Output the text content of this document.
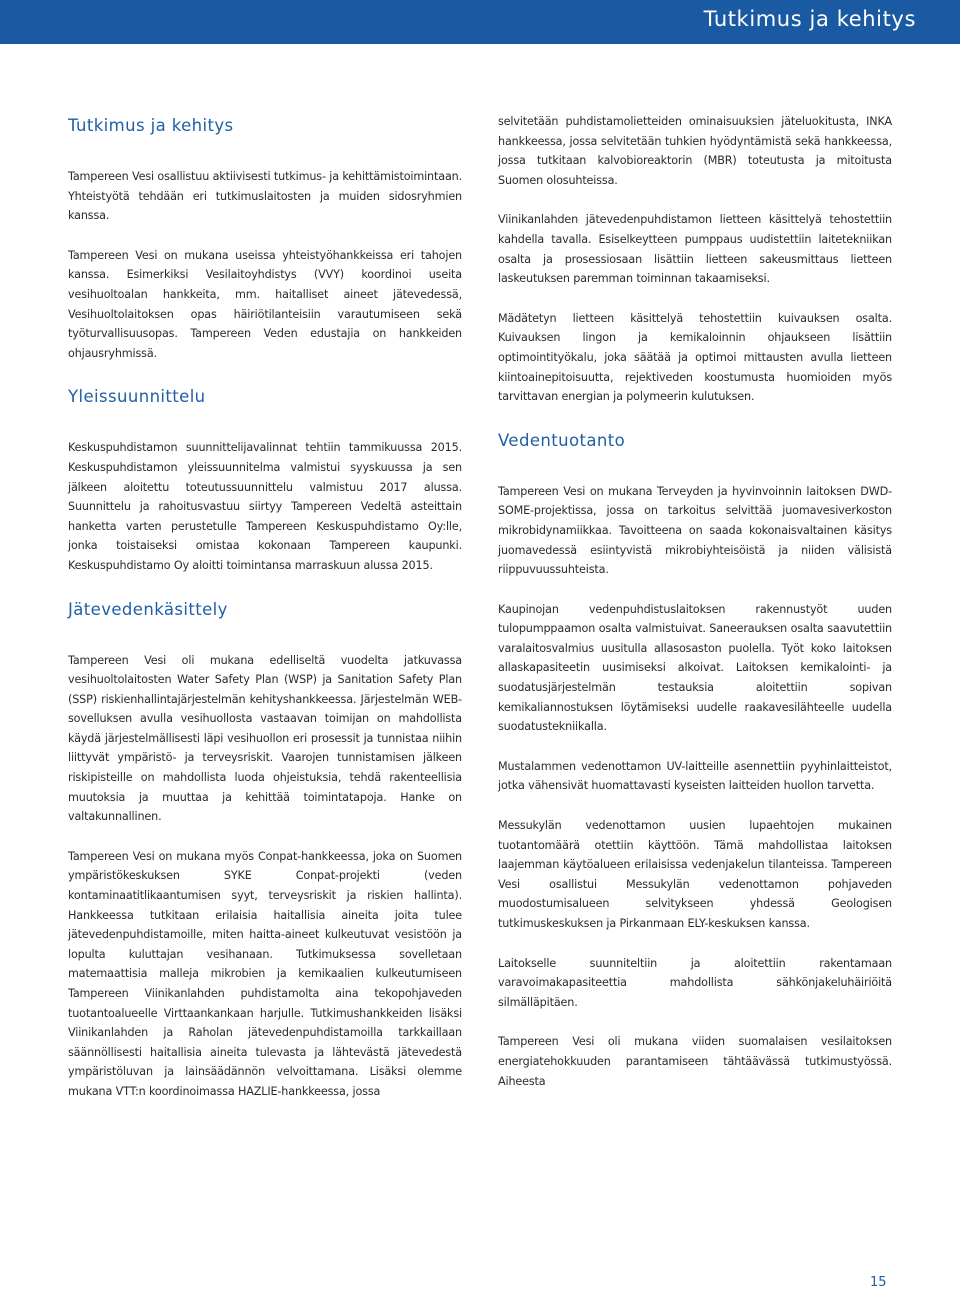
Tutkimus ja kehitys
Tutkimus ja kehitys

Tampereen Vesi osallistuu aktiivisesti tutkimus- ja kehittämistoimintaan. Yhteistyötä tehdään eri tutkimuslaitosten ja muiden sidosryhmien kanssa.

Tampereen Vesi on mukana useissa yhteistyöhankkeissa eri tahojen kanssa. Esimerkiksi Vesilaitoyhdistys (VVY) koordinoi useita vesihuoltoalan hankkeita, mm. haitalliset aineet jätevedessä, Vesihuoltolaitoksen opas häiriötilanteisiin varautumiseen sekä työturvallisuusopas. Tampereen Veden edustajia on hankkeiden ohjausryhmissä.

Yleissuunnittelu

Keskuspuhdistamon suunnittelijavalinnat tehtiin tammikuussa 2015. Keskuspuhdistamon yleissuunnitelma valmistui syyskuussa ja sen jälkeen aloitettu toteutussuunnittelu valmistuu 2017 alussa. Suunnittelu ja rahoitusvastuu siirtyy Tampereen Vedeltä asteittain hanketta varten perustetulle Tampereen Keskuspuhdistamo Oy:lle, jonka toistaiseksi omistaa kokonaan Tampereen kaupunki. Keskuspuhdistamo Oy aloitti toimintansa marraskuun alussa 2015.

Jätevedenkäsittely

Tampereen Vesi oli mukana edelliseltä vuodelta jatkuvassa vesihuoltolaitosten Water Safety Plan (WSP) ja Sanitation Safety Plan (SSP) riskienhallintajärjestelmän kehityshankkeessa. Järjestelmän WEB-sovelluksen avulla vesihuollosta vastaavan toimijan on mahdollista käydä järjestelmällisesti läpi vesihuollon eri prosessit ja tunnistaa niihin liittyvät ympäristö- ja terveysriskit. Vaarojen tunnistamisen jälkeen riskipisteille on mahdollista luoda ohjeistuksia, tehdä rakenteellisia muutoksia ja muuttaa ja kehittää toimintatapoja. Hanke on valtakunnallinen.

Tampereen Vesi on mukana myös Conpat-hankkeessa, joka on Suomen ympäristökeskuksen SYKE Conpat-projekti (veden kontaminaatitlikaantumisen syyt, terveysriskit ja riskien hallinta). Hankkeessa tutkitaan erilaisia haitallisia aineita joita tulee jätevedenpuhdistamoille, miten haitta-aineet kulkeutuvat vesistöön ja lopulta kuluttajan vesihanaan. Tutkimuksessa sovelletaan matemaattisia malleja mikrobien ja kemikaalien kulkeutumiseen Tampereen Viinikanlahden puhdistamolta aina tekopohjaveden tuotantoalueelle Virttaankankaan harjulle. Tutkimushankkeiden lisäksi Viinikanlahden ja Raholan jätevedenpuhdistamoilla tarkkaillaan säännöllisesti haitallisia aineita tulevasta ja lähtevästä jätevedestä ympäristöluvan ja lainsäädännön velvoittamana. Lisäksi olemme mukana VTT:n koordinoimassa HAZLIE-hankkeessa, jossa

selvitetään puhdistamolietteiden ominaisuuksien jäteluokitusta, INKA hankkeessa, jossa selvitetään tuhkien hyödyntämistä sekä hankkeessa, jossa tutkitaan kalvobioreaktorin (MBR) toteutusta ja mitoitusta Suomen olosuhteissa.

Viinikanlahden jätevedenpuhdistamon lietteen käsittelyä tehostettiin kahdella tavalla. Esiselkeytteen pumppaus uudistettiin laitetekniikan osalta ja prosessiosaan lisättiin lietteen sakeusmittaus lietteen laskeutuksen paremman toiminnan takaamiseksi.

Mädätetyn lietteen käsittelyä tehostettiin kuivauksen osalta. Kuivauksen lingon ja kemikaloinnin ohjaukseen lisättiin optimointityökalu, joka säätää ja optimoi mittausten avulla lietteen kiintoainepitoisuutta, rejektiveden koostumusta huomioiden myös tarvittavan energian ja polymeerin kulutuksen.

Vedentuotanto

Tampereen Vesi on mukana Terveyden ja hyvinvoinnin laitoksen DWD-SOME-projektissa, jossa on tarkoitus selvittää juomavesiverkoston mikrobidynamiikkaa. Tavoitteena on saada kokonaisvaltainen käsitys juomavedessä esiintyvistä mikrobiyhteisöistä ja niiden välisistä riippuvuussuhteista.

Kaupinojan vedenpuhdistuslaitoksen rakennustyöt uuden tulopumppaamon osalta valmistuivat. Saneerauksen osalta saavutettiin varalaitosvalmius uusitulla allasosaston puolella. Työt koko laitoksen allaskapasiteetin uusimiseksi alkoivat. Laitoksen kemikalointi- ja suodatusjärjestelmän testauksia aloitettiin sopivan kemikaliannostuksen löytämiseksi uudelle raakavesilähteelle uudella suodatustekniikalla.

Mustalammen vedenottamon UV-laitteille asennettiin pyyhinlaitteistot, jotka vähensivät huomattavasti kyseisten laitteiden huollon tarvetta.

Messukylän vedenottamon uusien lupaehtojen mukainen tuotantomäärä otettiin käyttöön. Tämä mahdollistaa laitoksen laajemman käytöalueen erilaisissa vedenjakelun tilanteissa. Tampereen Vesi osallistui Messukylän vedenottamon pohjaveden muodostumisalueen selvitykseen yhdessä Geologisen tutkimuskeskuksen ja Pirkanmaan ELY-keskuksen kanssa.

Laitokselle suunniteltiin ja aloitettiin rakentamaan varavoimakapasiteettia mahdollista sähkönjakeluhäiriöitä silmälläpitäen.

Tampereen Vesi oli mukana viiden suomalaisen vesilaitoksen energiatehokkuuden parantamiseen tähtäävässä tutkimustyössä. Aiheesta

15
